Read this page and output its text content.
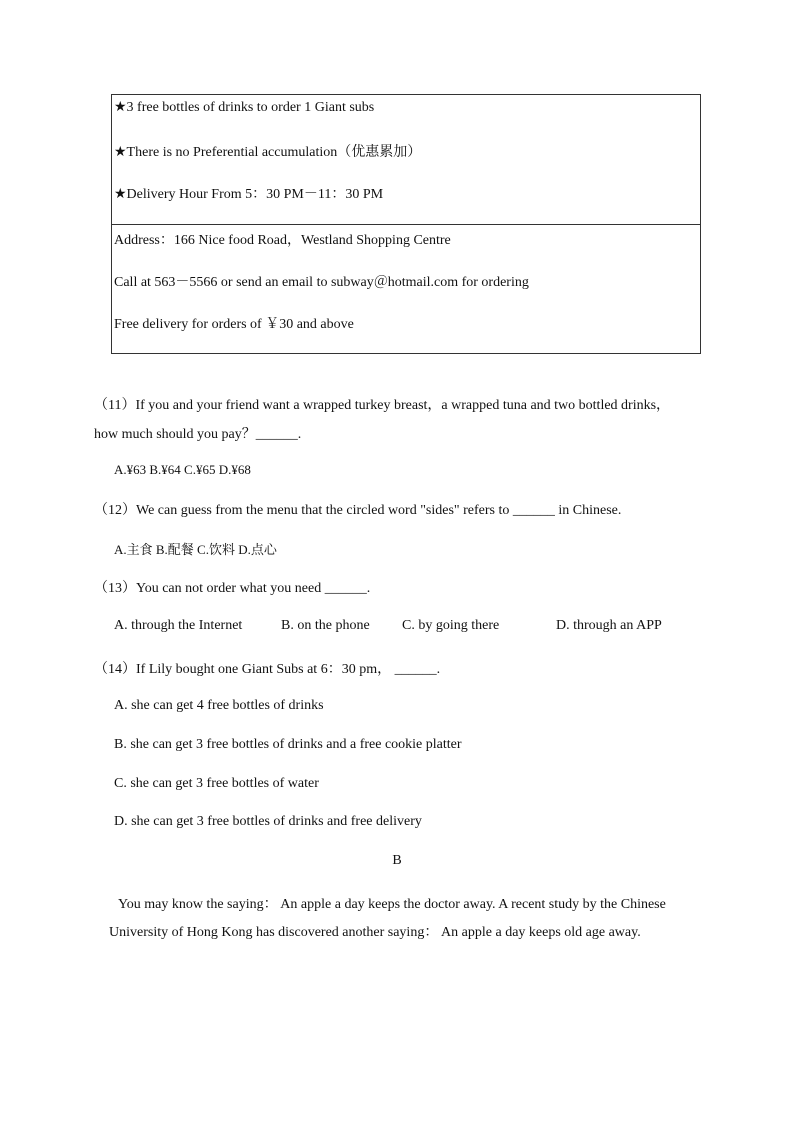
★3 free bottles of drinks to order 1 Giant subs
★There is no Preferential accumulation（优惠累加）
★Delivery Hour From 5：30 PM－11：30 PM
Address：166 Nice food Road，Westland Shopping Centre
Call at 563－5566 or send an email to subway＠hotmail.com for ordering
Free delivery for orders of ￥30 and above
（11）If you and your friend want a wrapped turkey breast，a wrapped tuna and two bottled drinks，
how much should you pay？______.
A.¥63 B.¥64 C.¥65 D.¥68
（12）We can guess from the menu that the circled word "sides" refers to ______ in Chinese.
A.主食 B.配餐 C.饮料 D.点心
（13）You can not order what you need ______.
A. through the Internet	B. on the phone C. by going there	D. through an APP
（14）If Lily bought one Giant Subs at 6：30 pm， ______.
A. she can get 4 free bottles of drinks
B. she can get 3 free bottles of drinks and a free cookie platter
C. she can get 3 free bottles of water
D. she can get 3 free bottles of drinks and free delivery
B
You may know the saying： An apple a day keeps the doctor away. A recent study by the Chinese
University of Hong Kong has discovered another saying： An apple a day keeps old age away.
